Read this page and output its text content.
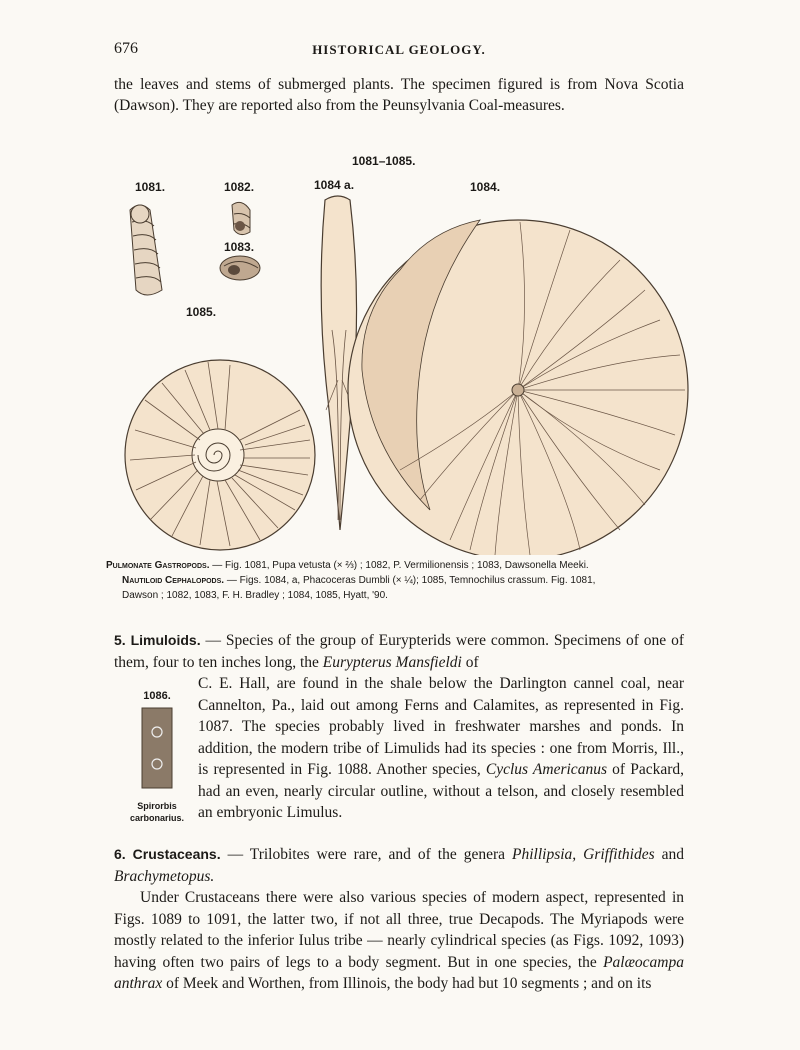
676	HISTORICAL GEOLOGY.
the leaves and stems of submerged plants. The specimen figured is from Nova Scotia (Dawson). They are reported also from the Peunsylvania Coal-measures.
1081–1085.
1081.	1082.
1083.
1084 a.	1084.
1085.
Pulmonate Gastropods. — Fig. 1081, Pupa vetusta (× ⅔) ; 1082, P. Vermilionensis ; 1083, Dawsonella Meeki.
Nautiloid Cephalopods. — Figs. 1084, a, Phacoceras Dumbli (× ¼); 1085, Temnochilus crassum. Fig. 1081,
Dawson ; 1082, 1083, F. H. Bradley ; 1084, 1085, Hyatt, '90.
5. Limuloids. — Species of the group of Eurypterids were common. Specimens of one of them, four to ten inches long, the Eurypterus Mansfieldi of
C. E. Hall, are found in the shale below the Darlington cannel coal, near Cannelton, Pa., laid out among Ferns and Calamites, as represented in Fig. 1087. The species probably lived in freshwater marshes and ponds. In addition, the modern tribe of Limulids had its species : one from Morris, Ill., is represented in Fig. 1088. Another species, Cyclus Americanus of Packard, had an even, nearly circular outline, without a telson, and closely resembled an embryonic Limulus.
1086.
Spirorbis
carbonarius.
6. Crustaceans. — Trilobites were rare, and of the genera Phillipsia, Griffithides and Brachymetopus.
Under Crustaceans there were also various species of modern aspect, represented in Figs. 1089 to 1091, the latter two, if not all three, true Decapods. The Myriapods were mostly related to the inferior Iulus tribe — nearly cylindrical species (as Figs. 1092, 1093) having often two pairs of legs to a body segment. But in one species, the Palæocampa anthrax of Meek and Worthen, from Illinois, the body had but 10 segments ; and on its
